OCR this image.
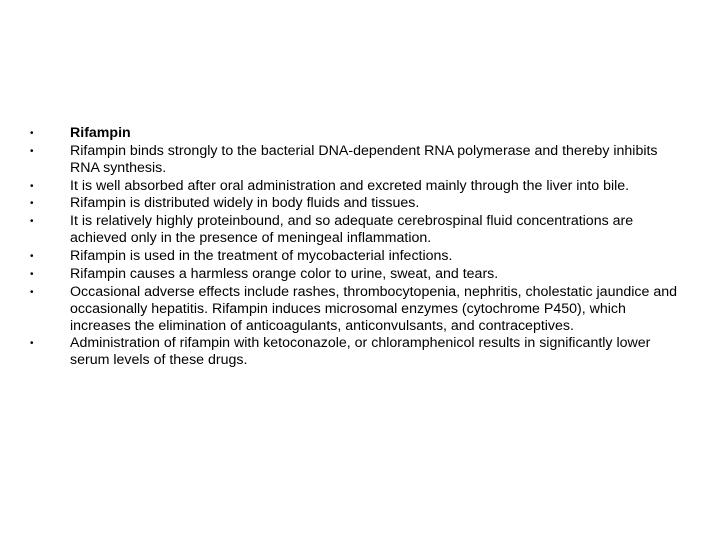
•	Rifampin
•	Rifampin binds strongly to the bacterial DNA-dependent RNA polymerase and thereby inhibits RNA synthesis.
•	It is well absorbed after oral administration and excreted mainly through the liver into bile.
•	Rifampin is distributed widely in body fluids and tissues.
•	It is relatively highly proteinbound, and so adequate cerebrospinal fluid concentrations are achieved only in the presence of meningeal inflammation.
•	Rifampin is used in the treatment of mycobacterial infections.
•	Rifampin causes a harmless orange color to urine, sweat, and tears.
•	Occasional adverse effects include rashes, thrombocytopenia, nephritis, cholestatic jaundice and occasionally hepatitis. Rifampin induces microsomal enzymes (cytochrome P450), which increases the elimination of anticoagulants, anticonvulsants, and contraceptives.
•	Administration of rifampin with ketoconazole, or chloramphenicol results in significantly lower serum levels of these drugs.
